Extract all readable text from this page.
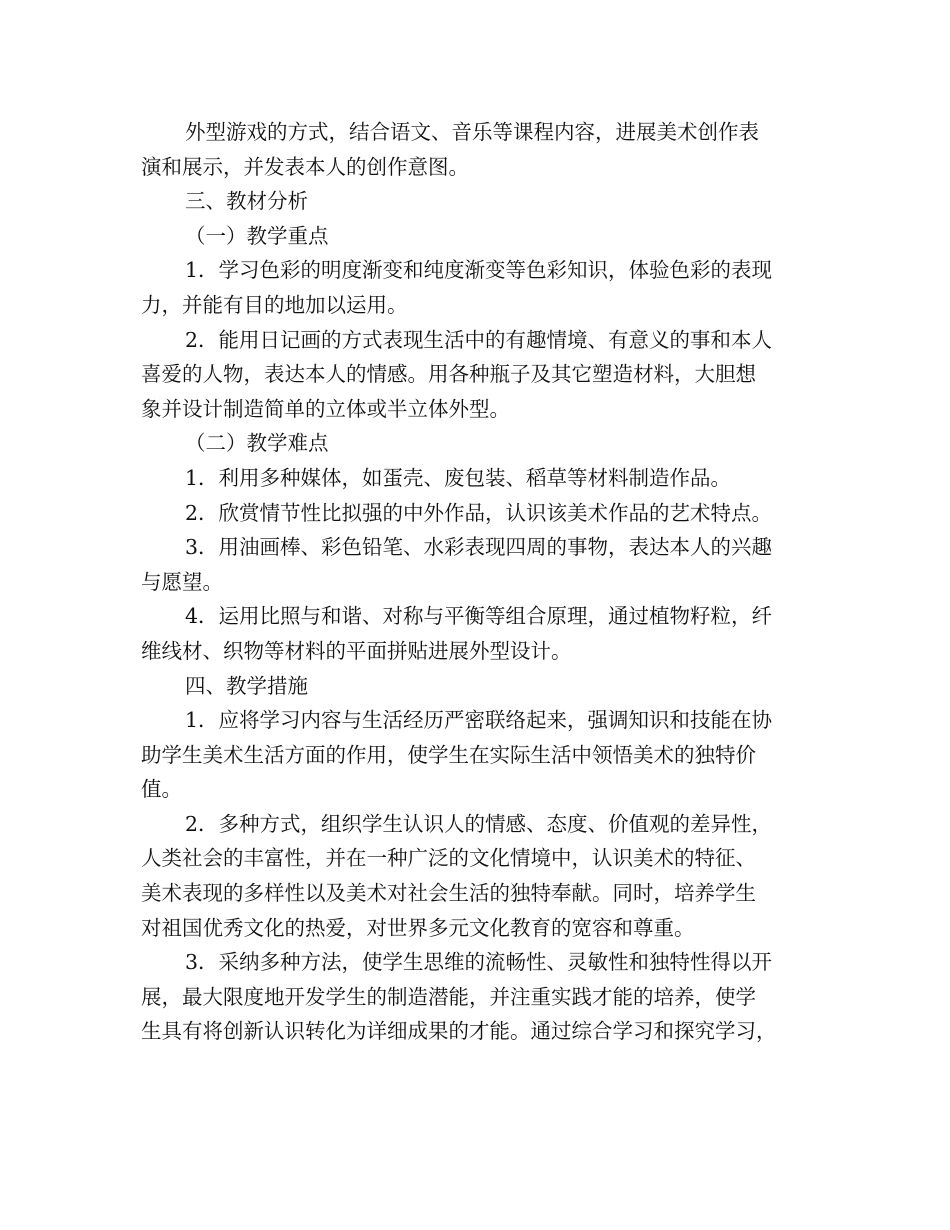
外型游戏的方式，结合语文、音乐等课程内容，进展美术创作表
演和展示，并发表本人的创作意图。
三、教材分析
（一）教学重点
1．学习色彩的明度渐变和纯度渐变等色彩知识，体验色彩的表现
力，并能有目的地加以运用。
2．能用日记画的方式表现生活中的有趣情境、有意义的事和本人
喜爱的人物，表达本人的情感。用各种瓶子及其它塑造材料，大胆想
象并设计制造简单的立体或半立体外型。
（二）教学难点
1．利用多种媒体，如蛋壳、废包装、稻草等材料制造作品。
2．欣赏情节性比拟强的中外作品，认识该美术作品的艺术特点。
3．用油画棒、彩色铅笔、水彩表现四周的事物，表达本人的兴趣
与愿望。
4．运用比照与和谐、对称与平衡等组合原理，通过植物籽粒，纤
维线材、织物等材料的平面拼贴进展外型设计。
四、教学措施
1．应将学习内容与生活经历严密联络起来，强调知识和技能在协
助学生美术生活方面的作用，使学生在实际生活中领悟美术的独特价
值。
2．多种方式，组织学生认识人的情感、态度、价值观的差异性，
人类社会的丰富性，并在一种广泛的文化情境中，认识美术的特征、
美术表现的多样性以及美术对社会生活的独特奉献。同时，培养学生
对祖国优秀文化的热爱，对世界多元文化教育的宽容和尊重。
3．采纳多种方法，使学生思维的流畅性、灵敏性和独特性得以开
展，最大限度地开发学生的制造潜能，并注重实践才能的培养，使学
生具有将创新认识转化为详细成果的才能。通过综合学习和探究学习，
